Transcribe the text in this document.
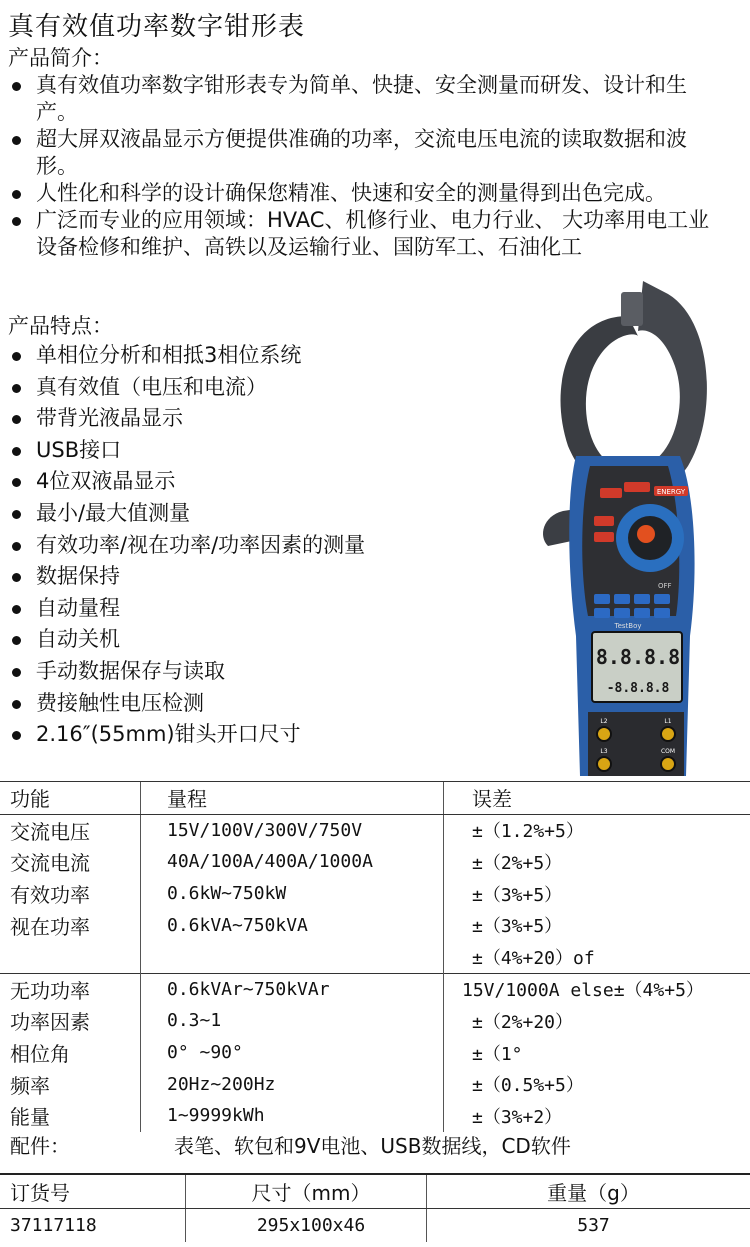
真有效值功率数字钳形表
产品简介：
真有效值功率数字钳形表专为简单、快捷、安全测量而研发、设计和生产。
超大屏双液晶显示方便提供准确的功率，交流电压电流的读取数据和波形。
人性化和科学的设计确保您精准、快速和安全的测量得到出色完成。
广泛而专业的应用领域：HVAC、机修行业、电力行业、 大功率用电工业设备检修和维护、高铁以及运输行业、国防军工、石油化工
产品特点：
单相位分析和相抵3相位系统
真有效值（电压和电流）
带背光液晶显示
USB接口
4位双液晶显示
最小/最大值测量
有效功率/视在功率/功率因素的测量
数据保持
自动量程
自动关机
手动数据保存与读取
费接触性电压检测
2.16″(55mm)钳头开口尺寸
ENERGY
OFF
TestBoy
8.8.8.8
-8.8.8.8
L2	L1
L3	COM
功能	量程	误差
交流电压	15V/100V/300V/750V	±（1.2%+5）
交流电流	40A/100A/400A/1000A	±（2%+5）
有效功率	0.6kW~750kW	±（3%+5）
视在功率	0.6kVA~750kVA	±（3%+5）
		±（4%+20）of
无功功率	0.6kVAr~750kVAr	15V/1000A else±（4%+5）
功率因素	0.3~1	±（2%+20）
相位角	0° ~90°	±（1°
频率	20Hz~200Hz	±（0.5%+5）
能量	1~9999kWh	±（3%+2）
配件：	表笔、软包和9V电池、USB数据线，CD软件
订货号	尺寸（mm）	重量（g）
37117118	295x100x46	537
